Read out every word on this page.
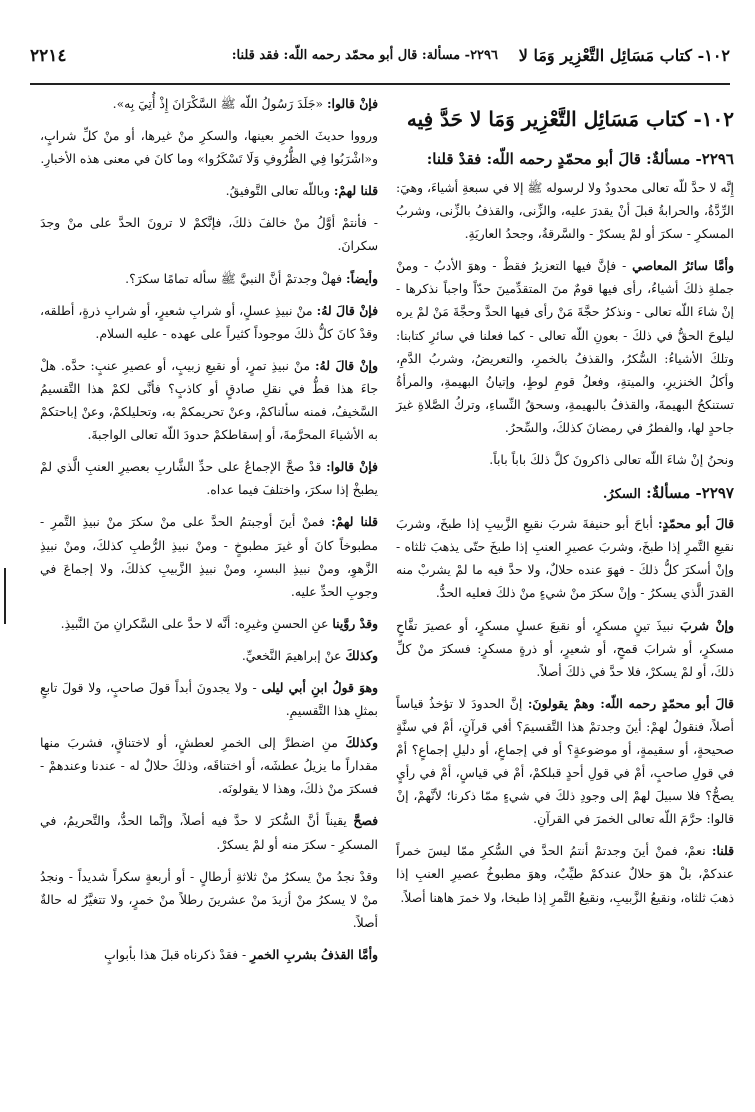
١٠٢- كتاب مَسَائِل التَّعْزِير وَمَا لا
٢٢٩٦- مسألة: قال أبو محمّد رحمه اللّه: فقد قلنا:
٢٢١٤

١٠٢- كتاب مَسَائِل التَّعْزِير وَمَا لا حَدَّ فِيه

٢٢٩٦- مسألةٌ: قالَ أبو محمّدٍ رحمه اللّه: فقدْ قلنا:

إِنَّه لا حدَّ للّه تعالى محدودٌ ولا لرسوله ﷺ إلا في سبعةِ أشياءَ، وهيَ: الرِّدَّةُ، والحرابةُ قبلَ أنْ يقدرَ عليه، والزِّنى، والقذفُ بالزِّنى، وشربُ المسكرِ - سكرَ أو لمْ يسكرْ - والسَّرقةُ، وجحدُ العاريَةِ.

وأمَّا سائرُ المعاصي - فإنَّ فيها التعزيرُ فقطْ - وهوَ الأدبُ - ومنْ جملةِ ذلكَ أشياءُ، رأى فيها قومٌ منَ المتقدِّمينَ حدّاً واجباً نذكرها - إنْ شاءَ اللّه تعالى - ونذكرُ حجَّةَ مَنْ رأى فيها الحدَّ وحجَّةَ مَنْ لمْ يره ليلوحَ الحقُّ في ذلكَ - بعونِ اللّه تعالى - كما فعلنا في سائرِ كتابنا: وتلكَ الأشياءُ: السُّكرُ، والقذفُ بالخمرِ، والتعريضُ، وشربُ الدَّمِ، وأكلُ الخنزيرِ، والميتةِ، وفعلُ قومِ لوطٍ، وإتيانُ البهيمةِ، والمرأةُ تستنكحُ البهيمةَ، والقذفُ بالبهيمةِ، وسحقُ النِّساءِ، وتركُ الصَّلاةِ غيرَ جاحدٍ لها، والفطرُ في رمضانَ كذلكَ، والسِّحرُ.

ونحنُ إنْ شاءَ اللّه تعالى ذاكرونَ كلَّ ذلكَ باباً باباً.

٢٢٩٧- مسألةٌ: السكرُ.

قالَ أبو محمّدٍ: أباحَ أبو حنيفةَ شربَ نقيعِ الزَّبيبِ إذا طبخَ، وشربَ نقيعِ التَّمرِ إذا طبخَ، وشربَ عصيرِ العنبِ إذا طبخَ حتّى يذهبَ ثلثاه - وإنْ أسكرَ كلُّ ذلكَ - فهوَ عنده حلالٌ، ولا حدَّ فيه ما لمْ يشربْ منه القدرَ الَّذي يسكرُ - وإنْ سكرَ منْ شيءٍ منْ ذلكَ فعليه الحدُّ.

وإنْ شربَ نبيذَ تينٍ مسكرٍ، أو نقيعَ عسلٍ مسكرٍ، أو عصيرَ تفَّاحٍ مسكرٍ، أو شرابَ قمحٍ، أو شعيرٍ، أو ذرةٍ مسكرٍ: فسكرَ منْ كلِّ ذلكَ، أو لمْ يسكرْ، فلا حدَّ في ذلكَ أصلاً.

قالَ أبو محمّدٍ رحمه اللّه: وهمْ يقولونَ: إنَّ الحدودَ لا تؤخذُ قياساً أصلاً، فنقولُ لهمْ: أينَ وجدتمْ هذا التَّقسيمَ؟ أفي قرآنٍ، أمْ في سنَّةٍ صحيحةٍ، أو سقيمةٍ، أو موضوعةٍ؟ أو في إجماعٍ، أو دليلِ إجماعٍ؟ أمْ في قولِ صاحبٍ، أمْ في قولِ أحدٍ قبلكمْ، أمْ في قياسٍ، أمْ في رأيٍ يصحُّ؟ فلا سبيلَ لهمْ إلى وجودِ ذلكَ في شيءٍ ممّا ذكرنا؛ لأنَّهمْ، إنْ قالوا: حرَّمَ اللّه تعالى الخمرَ في القرآنِ.

قلنا: نعمْ، فمنْ أينَ وجدتمْ أنتمُ الحدَّ في السُّكرِ ممّا ليسَ خمراً عندكمْ، بلْ هوَ حلالٌ عندكمْ طيِّبٌ، وهوَ مطبوخُ عصيرِ العنبِ إذا ذهبَ ثلثاه، ونقيعُ الزَّبيبِ، ونقيعُ التَّمرِ إذا طبخا، ولا خمرَ هاهنا أصلاً.

فإنْ قالوا: «جَلَدَ رَسُولُ اللّه ﷺ السَّكْرَانَ إِذْ أُتِيَ بِه».

ورووا حديثَ الخمرِ بعينها، والسكرِ منْ غيرها، أو منْ كلِّ شرابٍ، و«اشْرَبُوا فِي الظُّرُوفِ وَلَا تَسْكَرُوا» وما كانَ في معنى هذه الأخبارِ.

قلنا لهمْ: وباللّه تعالى التَّوفيقُ.

- فأنتمْ أوَّلُ منْ خالفَ ذلكَ، فإنَّكمْ لا ترونَ الحدَّ على منْ وجدَ سكرانَ.

وأيضاً: فهلْ وجدتمْ أنَّ النبيَّ ﷺ سأله تمامًا سكرَ؟.

فإنْ قالَ لهُ: منْ نبيذِ عسلٍ، أو شرابِ شعيرٍ، أو شرابِ ذرةٍ، أطلقه، وقدْ كانَ كلُّ ذلكَ موجوداً كثيراً على عهده - عليه السلام.

وإنْ قالَ لهُ: منْ نبيذِ تمرٍ، أو نقيعِ زبيبٍ، أو عصيرِ عنبٍ: حدَّه. هلْ جاءَ هذا قطُّ في نقلِ صادقٍ أو كاذبٍ؟ فأنَّى لكمْ هذا التَّقسيمُ السَّخيفُ، فمنه سألناكمْ، وعنْ تحريمكمْ به، وتحليلكمْ، وعنْ إباحتكمْ به الأشياءَ المحرَّمةَ، أو إسقاطكمْ حدودَ اللّه تعالى الواجبةَ.

فإنْ قالوا: قدْ صحَّ الإجماعُ على حدِّ الشَّاربِ بعصيرِ العنبِ الَّذي لمْ يطبخْ إذا سكرَ، واختلفَ فيما عداه.

قلنا لهمْ: فمنْ أينَ أوجبتمُ الحدَّ على منْ سكرَ منْ نبيذِ التَّمرِ - مطبوخاً كانَ أو غيرَ مطبوخٍ - ومنْ نبيذِ الرُّطبِ كذلكَ، ومنْ نبيذِ الزَّهوِ، ومنْ نبيذِ البسرِ، ومنْ نبيذِ الزَّبيبِ كذلكَ، ولا إجماعَ في وجوبِ الحدِّ عليه.

وقدْ روَّينا عنِ الحسنِ وغيرِه: أنَّه لا حدَّ على السَّكرانِ منَ النَّبيذِ.

وكذلكَ عنْ إبراهيمَ النَّخعيِّ.

وهوَ قولُ ابنِ أبي ليلى - ولا يجدونَ أبداً قولَ صاحبٍ، ولا قولَ تابعٍ بمثلِ هذا التَّقسيمِ.

وكذلكَ منِ اضطرَّ إلى الخمرِ لعطشٍ، أو لاختناقٍ، فشربَ منها مقداراً ما يزيلُ عطشَه، أو اختناقَه، وذلكَ حلالٌ له - عندنا وعندهمْ - فسكرَ منْ ذلكَ، وهذا لا يقولونَه.

فصحَّ يقيناً أنَّ السُّكرَ لا حدَّ فيه أصلاً، وإنَّما الحدُّ، والتَّحريمُ، في المسكرِ - سكرَ منه أو لمْ يسكرْ.

وقدْ نجدُ منْ يسكرُ منْ ثلاثةِ أرطالٍ - أو أربعةٍ سكراً شديداً - ونجدُ منْ لا يسكرُ منْ أزيدَ منْ عشرينَ رطلاً منْ خمرٍ، ولا تتغيَّرُ له حالةٌ أصلاً.

وأمَّا القذفُ بشربِ الخمرِ - فقدْ ذكرناه قبلَ هذا بأبوابٍ
